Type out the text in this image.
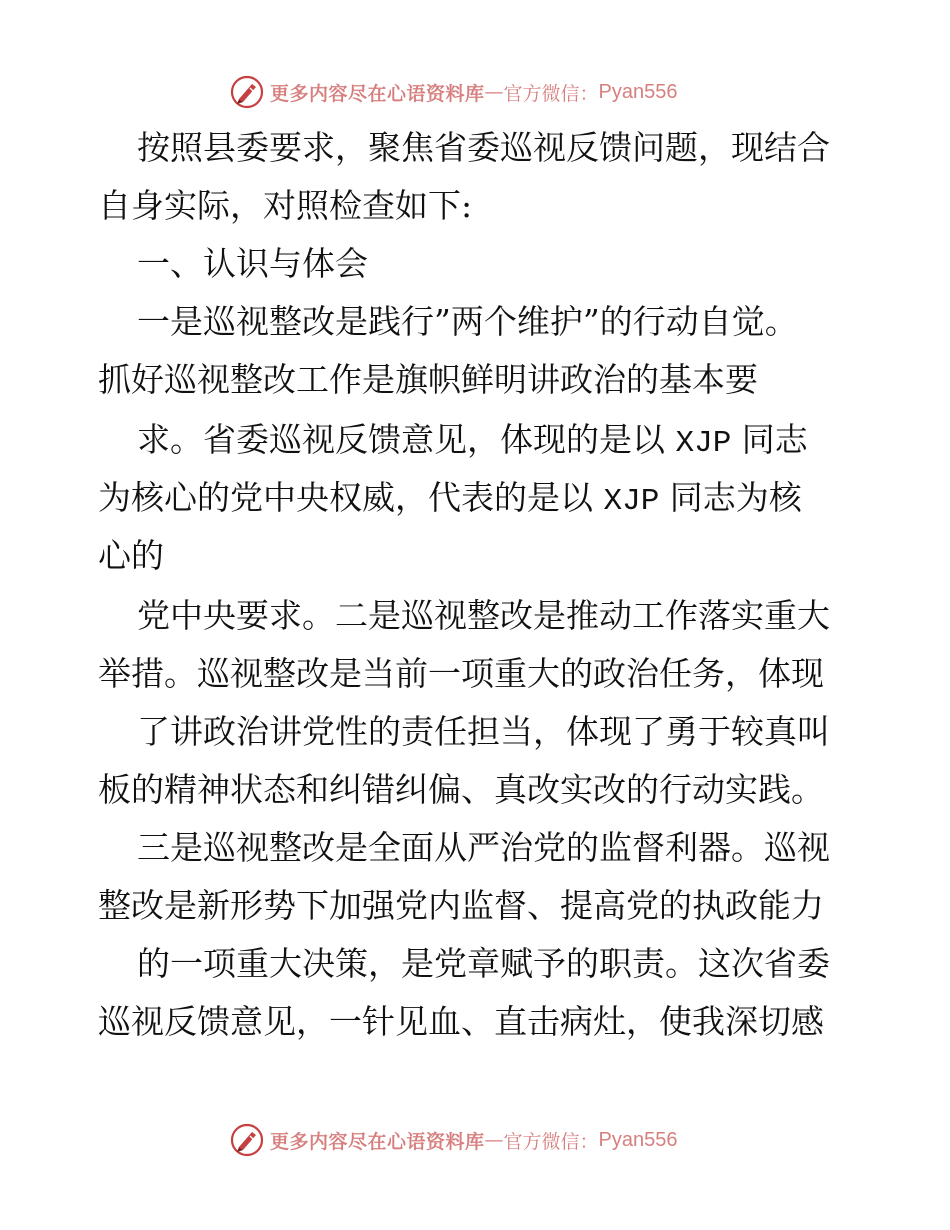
更多内容尽在心语资料库 — 官方微信： Pyan556
按照县委要求，聚焦省委巡视反馈问题，现结合
自身实际，对照检查如下:
一、认识与体会
一是巡视整改是践行”两个维护”的行动自觉。
抓好巡视整改工作是旗帜鲜明讲政治的基本要
求。省委巡视反馈意见，体现的是以 XJP 同志
为核心的党中央权威，代表的是以 XJP 同志为核
心的
党中央要求。二是巡视整改是推动工作落实重大
举措。巡视整改是当前一项重大的政治任务，体现
了讲政治讲党性的责任担当，体现了勇于较真叫
板的精神状态和纠错纠偏、真改实改的行动实践。
三是巡视整改是全面从严治党的监督利器。巡视
整改是新形势下加强党内监督、提高党的执政能力
的一项重大决策，是党章赋予的职责。这次省委
巡视反馈意见，一针见血、直击病灶，使我深切感
更多内容尽在心语资料库 — 官方微信： Pyan556
